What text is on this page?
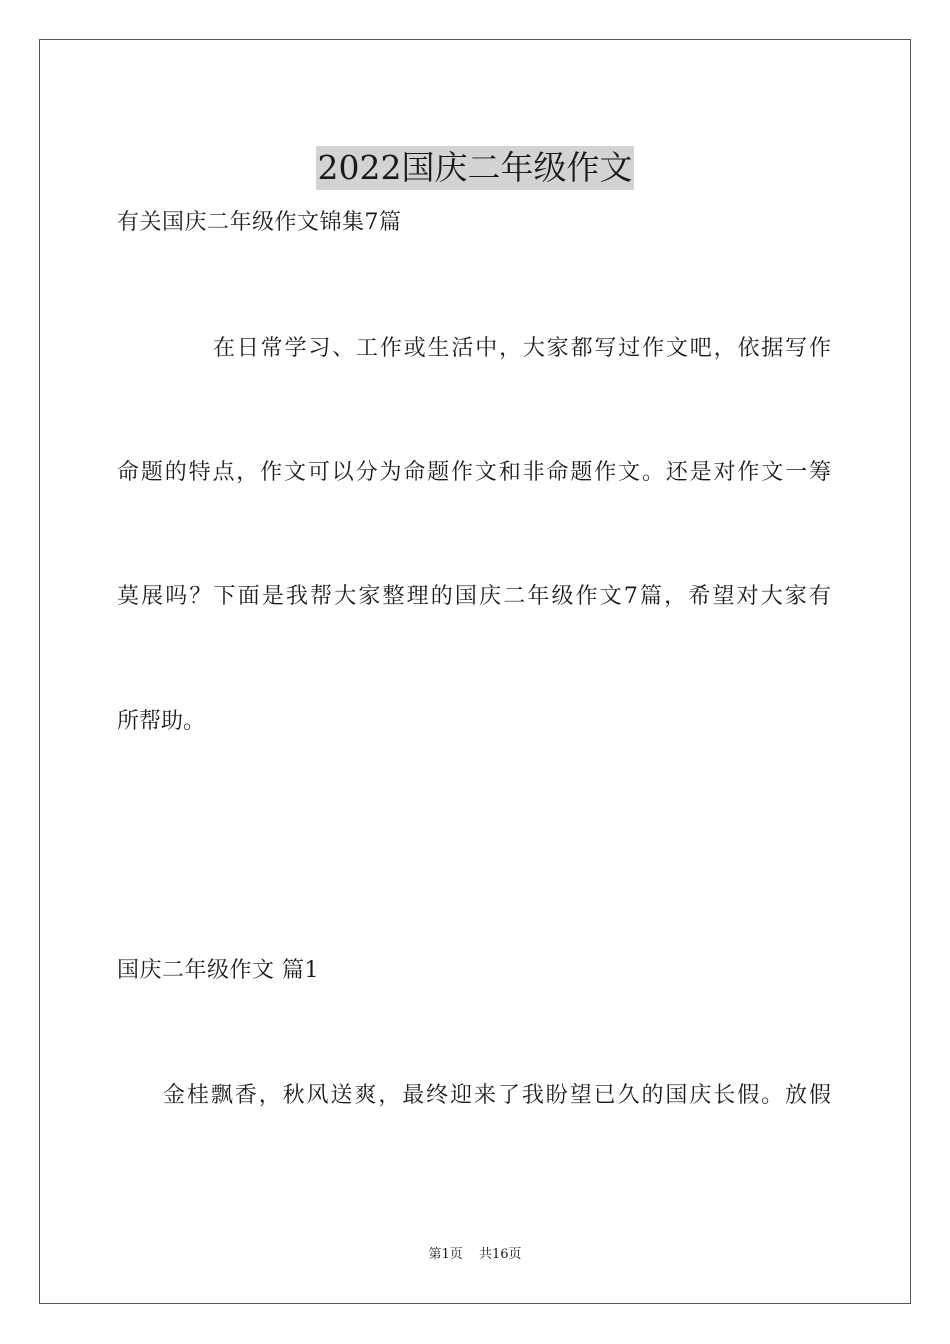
2022国庆二年级作文
有关国庆二年级作文锦集7篇
在日常学习、工作或生活中，大家都写过作文吧，依据写作
命题的特点，作文可以分为命题作文和非命题作文。还是对作文一筹
莫展吗？下面是我帮大家整理的国庆二年级作文7篇，希望对大家有
所帮助。
国庆二年级作文 篇1
金桂飘香，秋风送爽，最终迎来了我盼望已久的国庆长假。放假
第1页 共16页
